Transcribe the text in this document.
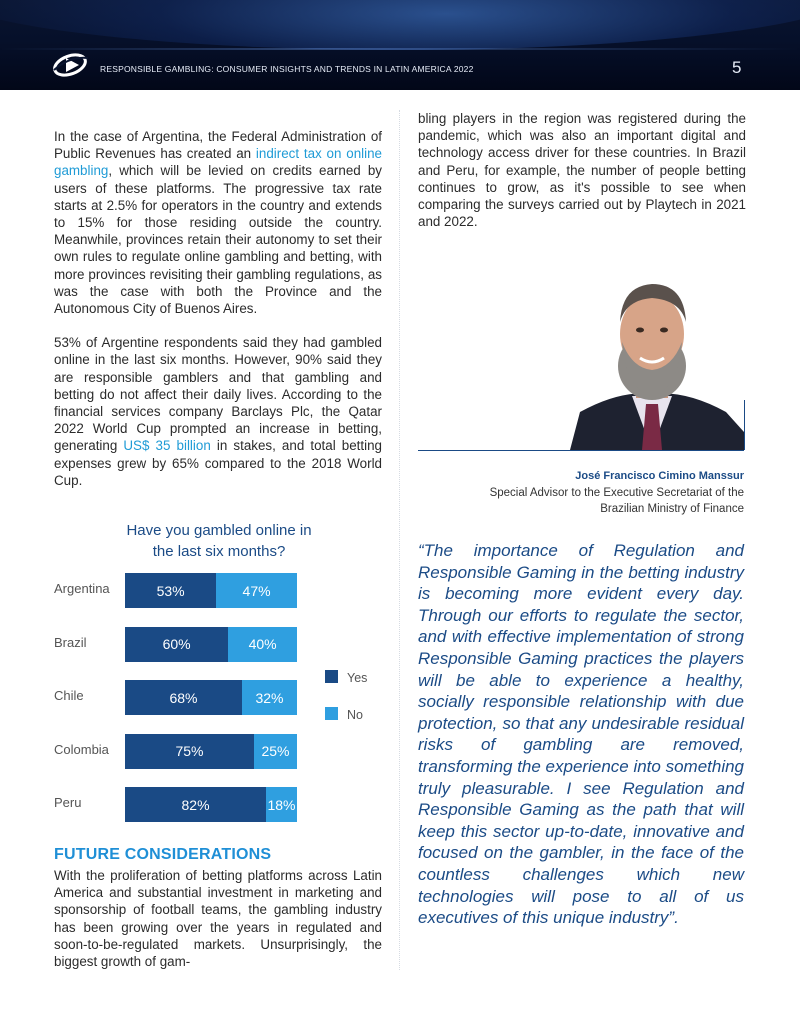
RESPONSIBLE GAMBLING: CONSUMER INSIGHTS AND TRENDS IN LATIN AMERICA 2022	5

In the case of Argentina, the Federal Administration of Public Revenues has created an indirect tax on online gambling, which will be levied on credits earned by users of these platforms. The progressive tax rate starts at 2.5% for operators in the country and extends to 15% for those residing outside the country. Meanwhile, provinces retain their autonomy to set their own rules to regulate online gambling and betting, with more provinces revisiting their gambling regulations, as was the case with both the Province and the Autonomous City of Buenos Aires.

53% of Argentine respondents said they had gambled online in the last six months. However, 90% said they are responsible gamblers and that gambling and betting do not affect their daily lives. According to the financial services company Barclays Plc, the Qatar 2022 World Cup prompted an increase in betting, generating US$ 35 billion in stakes, and total betting expenses grew by 65% compared to the 2018 World Cup.

Have you gambled online in
the last six months?
Argentina	53%	47%
Brazil	60%	40%
Chile	68%	32%
Colombia	75%	25%
Peru	82%	18%
Yes
No
FUTURE CONSIDERATIONS

With the proliferation of betting platforms across Latin America and substantial investment in marketing and sponsorship of football teams, the gambling industry has been growing over the years in regulated and soon-to-be-regulated markets. Unsurprisingly, the biggest growth of gam-

bling players in the region was registered during the pandemic, which was also an important digital and technology access driver for these countries. In Brazil and Peru, for example, the number of people betting continues to grow, as it's possible to see when comparing the surveys carried out by Playtech in 2021 and 2022.

José Francisco Cimino Manssur
Special Advisor to the Executive Secretariat of the
Brazilian Ministry of Finance

“The importance of Regulation and Responsible Gaming in the betting industry is becoming more evident every day. Through our efforts to regulate the sector, and with effective implementation of strong Responsible Gaming practices the players will be able to experience a healthy, socially responsible relationship with due protection, so that any undesirable residual risks of gambling are removed, transforming the experience into something truly pleasurable. I see Regulation and Responsible Gaming as the path that will keep this sector up-to-date, innovative and focused on the gambler, in the face of the countless challenges which new technologies will pose to all of us executives of this unique industry”.
